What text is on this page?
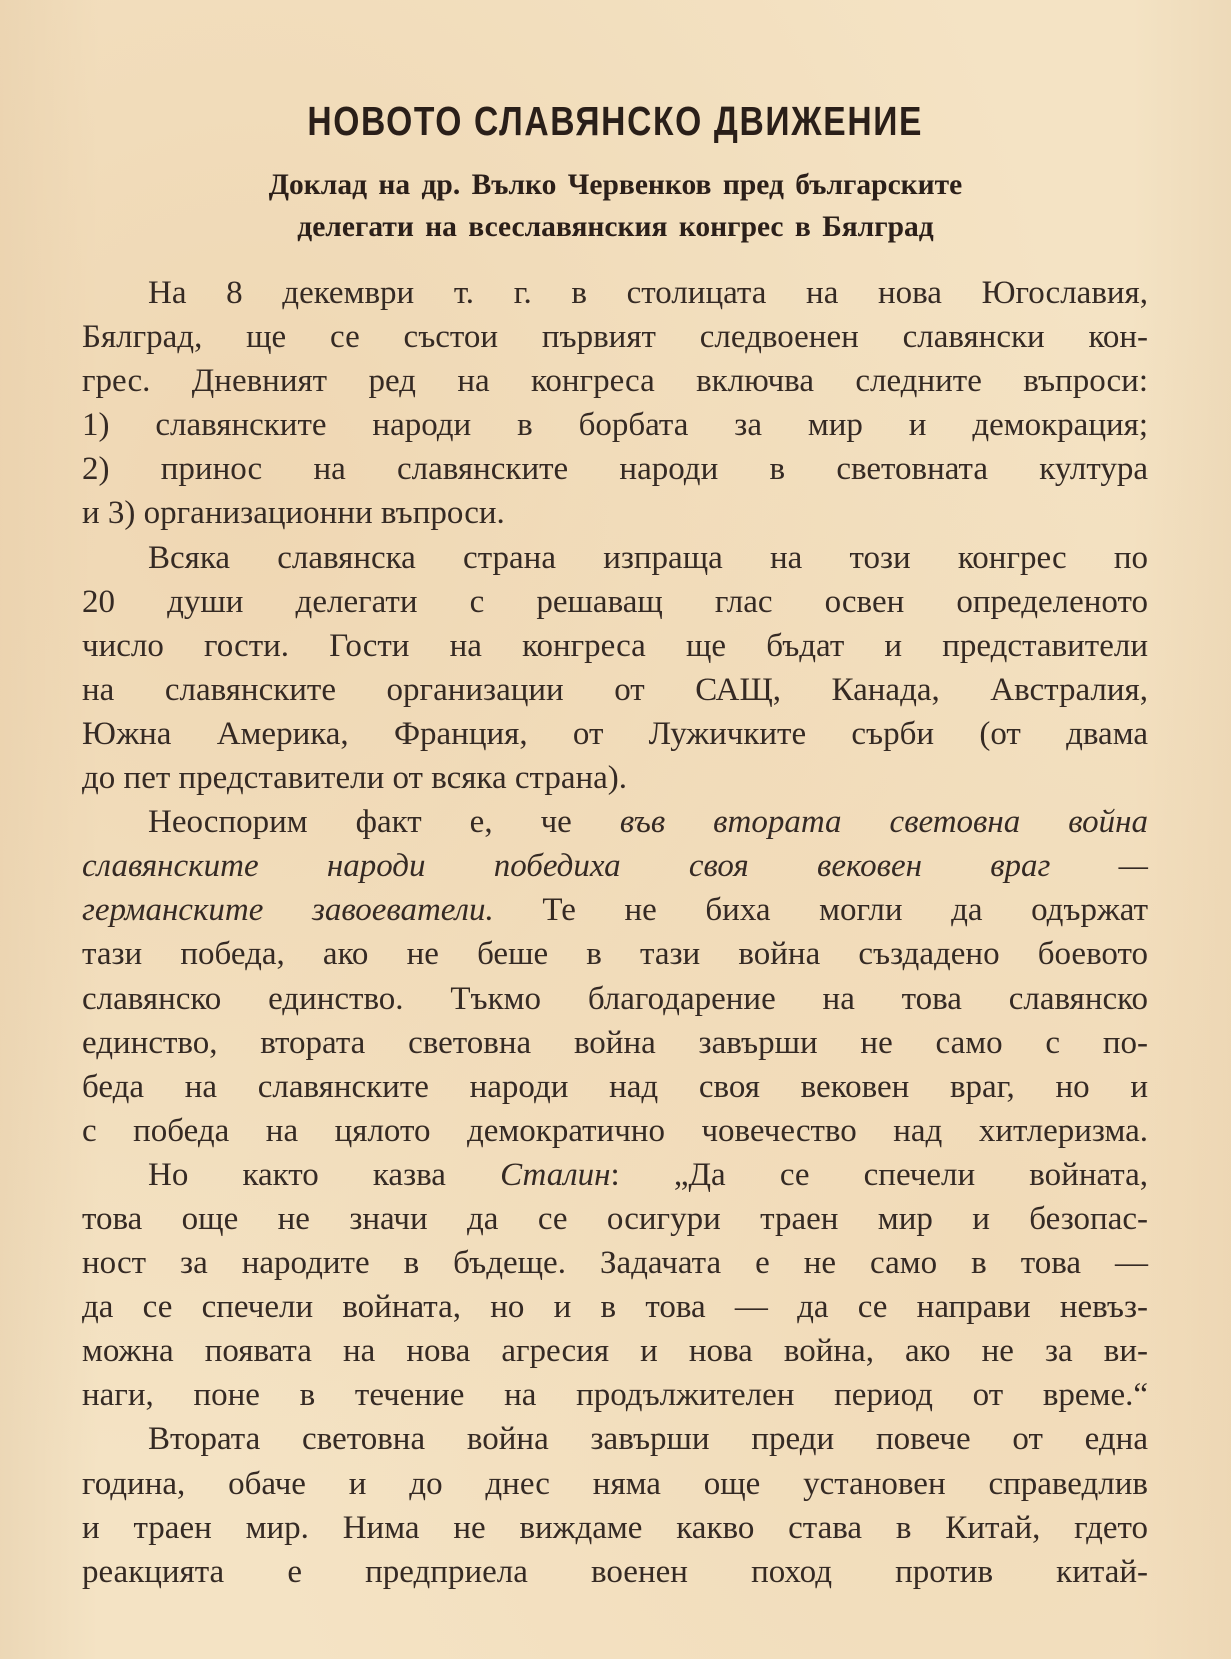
НОВОТО СЛАВЯНСКО ДВИЖЕНИЕ
Доклад на др. Вълко Червенков пред българските
делегати на всеславянския конгрес в Бялград
На 8 декември т. г. в столицата на нова Югославия,
Бялград, ще се състои първият следвоенен славянски кон-
грес. Дневният ред на конгреса включва следните въпроси:
1) славянските народи в борбата за мир и демокрация;
2) принос на славянските народи в световната култура
и 3) организационни въпроси.
Всяка славянска страна изпраща на този конгрес по
20 души делегати с решаващ глас освен определеното
число гости. Гости на конгреса ще бъдат и представители
на славянските организации от САЩ, Канада, Австралия,
Южна Америка, Франция, от Лужичките сърби (от двама
до пет представители от всяка страна).
Неоспорим факт е, че във втората световна война
славянските народи победиха своя вековен враг —
германските завоеватели. Те не биха могли да одържат
тази победа, ако не беше в тази война създадено боевото
славянско единство. Тъкмо благодарение на това славянско
единство, втората световна война завърши не само с по-
беда на славянските народи над своя вековен враг, но и
с победа на цялото демократично човечество над хитлеризма.
Но както казва Сталин: „Да се спечели войната,
това още не значи да се осигури траен мир и безопас-
ност за народите в бъдеще. Задачата е не само в това —
да се спечели войната, но и в това — да се направи невъз-
можна появата на нова агресия и нова война, ако не за ви-
наги, поне в течение на продължителен период от време.“
Втората световна война завърши преди повече от една
година, обаче и до днес няма още установен справедлив
и траен мир. Нима не виждаме какво става в Китай, гдето
реакцията е предприела военен поход против китай-
